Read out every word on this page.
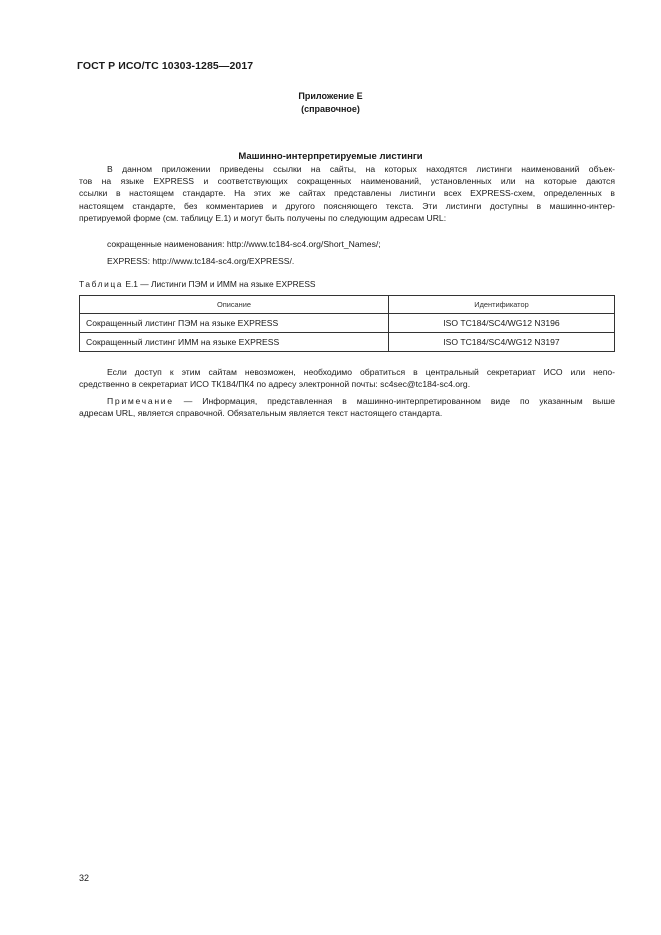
ГОСТ Р ИСО/ТС 10303-1285—2017
Приложение Е
(справочное)
Машинно-интерпретируемые листинги
В данном приложении приведены ссылки на сайты, на которых находятся листинги наименований объек-
тов на языке EXPRESS и соответствующих сокращенных наименований, установленных или на которые даются
ссылки в настоящем стандарте. На этих же сайтах представлены листинги всех EXPRESS-схем, определенных в
настоящем стандарте, без комментариев и другого поясняющего текста. Эти листинги доступны в машинно-интер-
претируемой форме (см. таблицу Е.1) и могут быть получены по следующим адресам URL:
сокращенные наименования: http://www.tc184-sc4.org/Short_Names/;
EXPRESS: http://www.tc184-sc4.org/EXPRESS/.
Таблица Е.1 — Листинги ПЭМ и ИММ на языке EXPRESS
Описание	Идентификатор
Сокращенный листинг ПЭМ на языке EXPRESS	ISO TC184/SC4/WG12 N3196
Сокращенный листинг ИММ на языке EXPRESS	ISO TC184/SC4/WG12 N3197
Если доступ к этим сайтам невозможен, необходимо обратиться в центральный секретариат ИСО или непо-
средственно в секретариат ИСО ТК184/ПК4 по адресу электронной почты: sc4sec@tc184-sc4.org.
Примечание — Информация, представленная в машинно-интерпретированном виде по указанным выше
адресам URL, является справочной. Обязательным является текст настоящего стандарта.
32
